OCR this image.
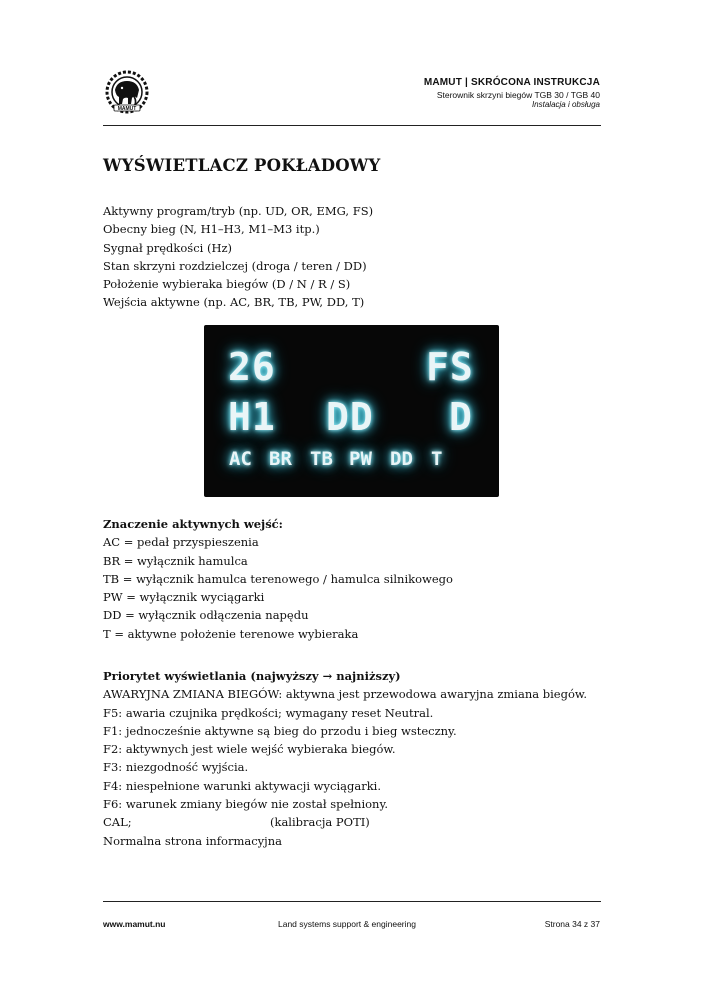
MAMUT
MAMUT | SKRÓCONA INSTRUKCJA
Sterownik skrzyni biegów TGB 30 / TGB 40
Instalacja i obsługa
WYŚWIETLACZ POKŁADOWY
Aktywny program/tryb (np. UD, OR, EMG, FS)
Obecny bieg (N, H1–H3, M1–M3 itp.)
Sygnał prędkości (Hz)
Stan skrzyni rozdzielczej (droga / teren / DD)
Położenie wybieraka biegów (D / N / R / S)
Wejścia aktywne (np. AC, BR, TB, PW, DD, T)
26	FS
H1 DD D
AC BR TB PW DD T
Znaczenie aktywnych wejść:
AC = pedał przyspieszenia
BR = wyłącznik hamulca
TB = wyłącznik hamulca terenowego / hamulca silnikowego
PW = wyłącznik wyciągarki
DD = wyłącznik odłączenia napędu
T = aktywne położenie terenowe wybieraka
Priorytet wyświetlania (najwyższy → najniższy)
AWARYJNA ZMIANA BIEGÓW: aktywna jest przewodowa awaryjna zmiana biegów.
F5: awaria czujnika prędkości; wymagany reset Neutral.
F1: jednocześnie aktywne są bieg do przodu i bieg wsteczny.
F2: aktywnych jest wiele wejść wybieraka biegów.
F3: niezgodność wyjścia.
F4: niespełnione warunki aktywacji wyciągarki.
F6: warunek zmiany biegów nie został spełniony.
CAL;	(kalibracja POTI)
Normalna strona informacyjna
www.mamut.nu	Land systems support & engineering	Strona 34 z 37
